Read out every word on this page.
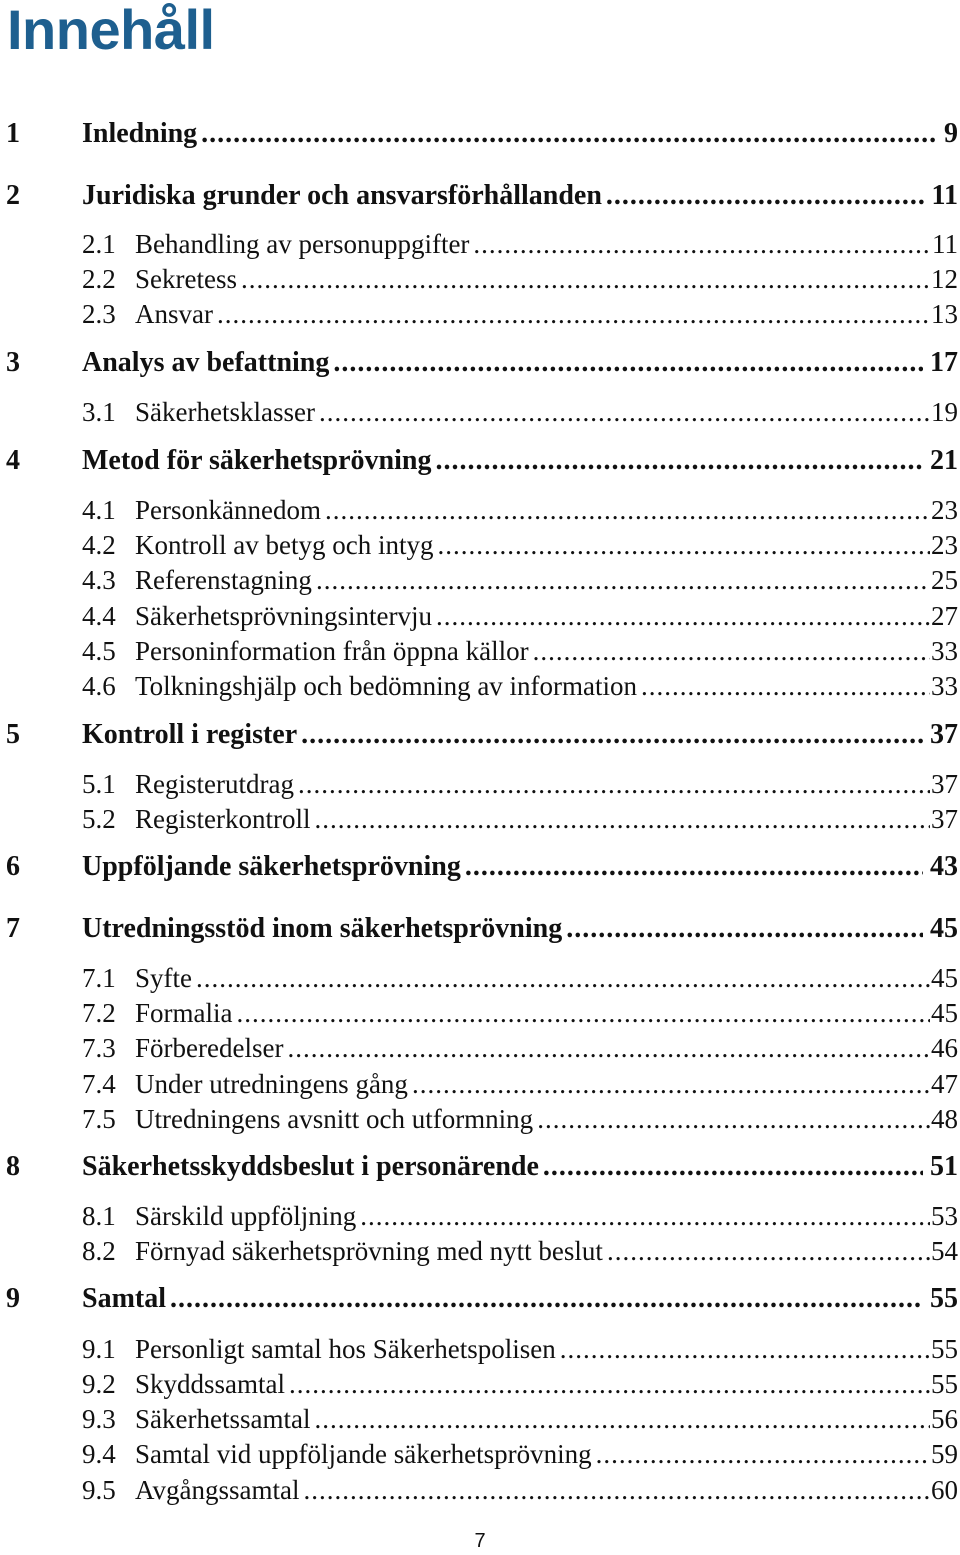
Innehåll
1 Inledning .....	9
2 Juridiska grunder och ansvarsförhållanden .....	11
2.1 Behandling av personuppgifter .....	11
2.2 Sekretess .....	12
2.3 Ansvar .....	13
3 Analys av befattning .....	17
3.1 Säkerhetsklasser .....	19
4 Metod för säkerhetsprövning .....	21
4.1 Personkännedom .....	23
4.2 Kontroll av betyg och intyg .....	23
4.3 Referenstagning .....	25
4.4 Säkerhetsprövningsintervju .....	27
4.5 Personinformation från öppna källor .....	33
4.6 Tolkningshjälp och bedömning av information .....	33
5 Kontroll i register .....	37
5.1 Registerutdrag .....	37
5.2 Registerkontroll .....	37
6 Uppföljande säkerhetsprövning .....	43
7 Utredningsstöd inom säkerhetsprövning .....	45
7.1 Syfte .....	45
7.2 Formalia .....	45
7.3 Förberedelser .....	46
7.4 Under utredningens gång .....	47
7.5 Utredningens avsnitt och utformning .....	48
8 Säkerhetsskyddsbeslut i personärende .....	51
8.1 Särskild uppföljning .....	53
8.2 Förnyad säkerhetsprövning med nytt beslut .....	54
9 Samtal .....	55
9.1 Personligt samtal hos Säkerhetspolisen .....	55
9.2 Skyddssamtal .....	55
9.3 Säkerhetssamtal .....	56
9.4 Samtal vid uppföljande säkerhetsprövning .....	59
9.5 Avgångssamtal .....	60
7
